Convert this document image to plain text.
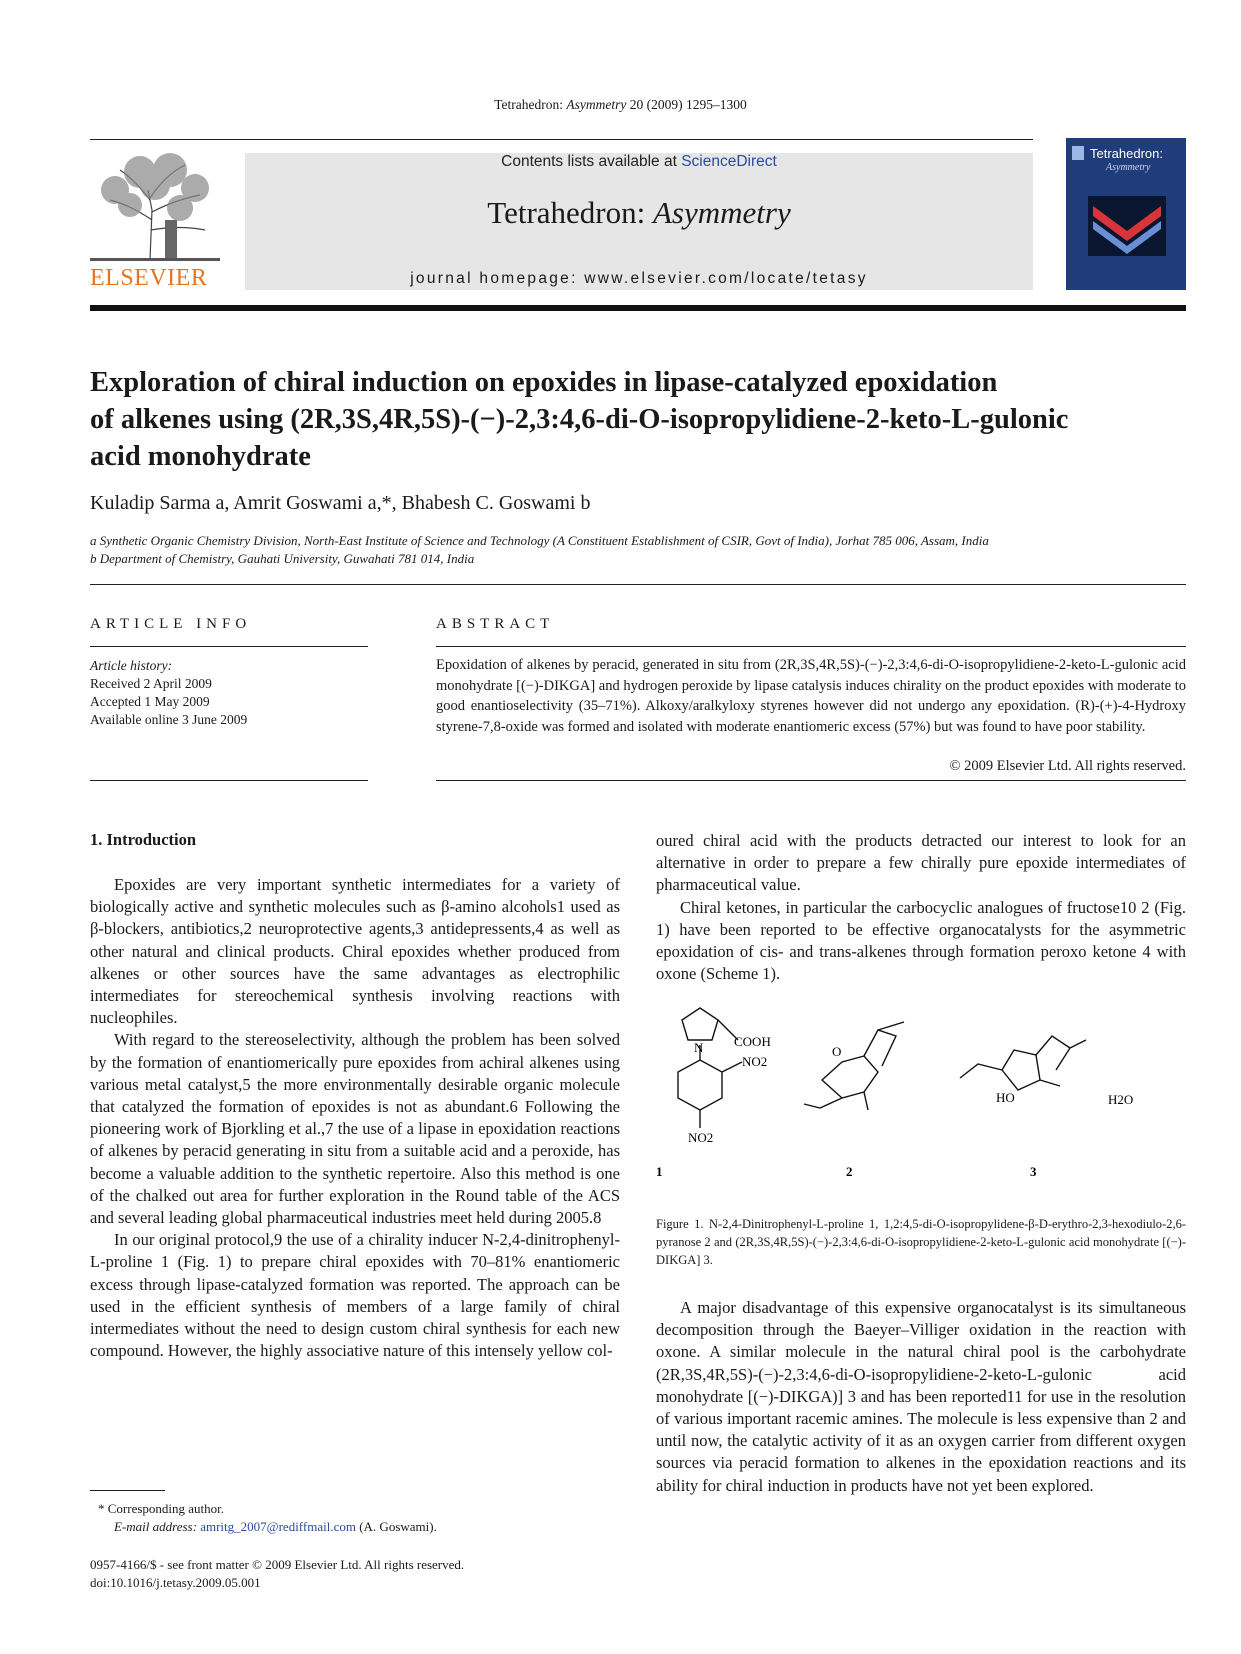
Tetrahedron: Asymmetry 20 (2009) 1295–1300
ELSEVIER
Contents lists available at ScienceDirect
Tetrahedron: Asymmetry
journal homepage: www.elsevier.com/locate/tetasy
Tetrahedron:
Asymmetry
Exploration of chiral induction on epoxides in lipase-catalyzed epoxidation
of alkenes using (2R,3S,4R,5S)-(−)-2,3:4,6-di-O-isopropylidiene-2-keto-L-gulonic
acid monohydrate
Kuladip Sarma a, Amrit Goswami a,*, Bhabesh C. Goswami b
a Synthetic Organic Chemistry Division, North-East Institute of Science and Technology (A Constituent Establishment of CSIR, Govt of India), Jorhat 785 006, Assam, India
b Department of Chemistry, Gauhati University, Guwahati 781 014, India
ARTICLE INFO
Article history:
Received 2 April 2009
Accepted 1 May 2009
Available online 3 June 2009
ABSTRACT
Epoxidation of alkenes by peracid, generated in situ from (2R,3S,4R,5S)-(−)-2,3:4,6-di-O-isopropylidiene-2-keto-L-gulonic acid monohydrate [(−)-DIKGA] and hydrogen peroxide by lipase catalysis induces chirality on the product epoxides with moderate to good enantioselectivity (35–71%). Alkoxy/aralkyloxy styrenes however did not undergo any epoxidation. (R)-(+)-4-Hydroxy styrene-7,8-oxide was formed and isolated with moderate enantiomeric excess (57%) but was found to have poor stability.
© 2009 Elsevier Ltd. All rights reserved.
1. Introduction

Epoxides are very important synthetic intermediates for a variety of biologically active and synthetic molecules such as β-amino alcohols1 used as β-blockers, antibiotics,2 neuroprotective agents,3 antidepressents,4 as well as other natural and clinical products. Chiral epoxides whether produced from alkenes or other sources have the same advantages as electrophilic intermediates for stereochemical synthesis involving reactions with nucleophiles.

With regard to the stereoselectivity, although the problem has been solved by the formation of enantiomerically pure epoxides from achiral alkenes using various metal catalyst,5 the more environmentally desirable organic molecule that catalyzed the formation of epoxides is not as abundant.6 Following the pioneering work of Bjorkling et al.,7 the use of a lipase in epoxidation reactions of alkenes by peracid generating in situ from a suitable acid and a peroxide, has become a valuable addition to the synthetic repertoire. Also this method is one of the chalked out area for further exploration in the Round table of the ACS and several leading global pharmaceutical industries meet held during 2005.8

In our original protocol,9 the use of a chirality inducer N-2,4-dinitrophenyl-L-proline 1 (Fig. 1) to prepare chiral epoxides with 70–81% enantiomeric excess through lipase-catalyzed formation was reported. The approach can be used in the efficient synthesis of members of a large family of chiral intermediates without the need to design custom chiral synthesis for each new compound. However, the highly associative nature of this intensely yellow col-

oured chiral acid with the products detracted our interest to look for an alternative in order to prepare a few chirally pure epoxide intermediates of pharmaceutical value.

Chiral ketones, in particular the carbocyclic analogues of fructose10 2 (Fig. 1) have been reported to be effective organocatalysts for the asymmetric epoxidation of cis- and trans-alkenes through formation peroxo ketone 4 with oxone (Scheme 1).

COOH
N
NO2
NO2
O
HO	H2O
1	2	3
Figure 1. N-2,4-Dinitrophenyl-L-proline 1, 1,2:4,5-di-O-isopropylidene-β-D-erythro-2,3-hexodiulo-2,6-pyranose 2 and (2R,3S,4R,5S)-(−)-2,3:4,6-di-O-isopropylidiene-2-keto-L-gulonic acid monohydrate [(−)-DIKGA] 3.

A major disadvantage of this expensive organocatalyst is its simultaneous decomposition through the Baeyer–Villiger oxidation in the reaction with oxone. A similar molecule in the natural chiral pool is the carbohydrate (2R,3S,4R,5S)-(−)-2,3:4,6-di-O-isopropylidiene-2-keto-L-gulonic acid monohydrate [(−)-DIKGA)] 3 and has been reported11 for use in the resolution of various important racemic amines. The molecule is less expensive than 2 and until now, the catalytic activity of it as an oxygen carrier from different oxygen sources via peracid formation to alkenes in the epoxidation reactions and its ability for chiral induction in products have not yet been explored.

* Corresponding author.
E-mail address: amritg_2007@rediffmail.com (A. Goswami).
0957-4166/$ - see front matter © 2009 Elsevier Ltd. All rights reserved.
doi:10.1016/j.tetasy.2009.05.001
